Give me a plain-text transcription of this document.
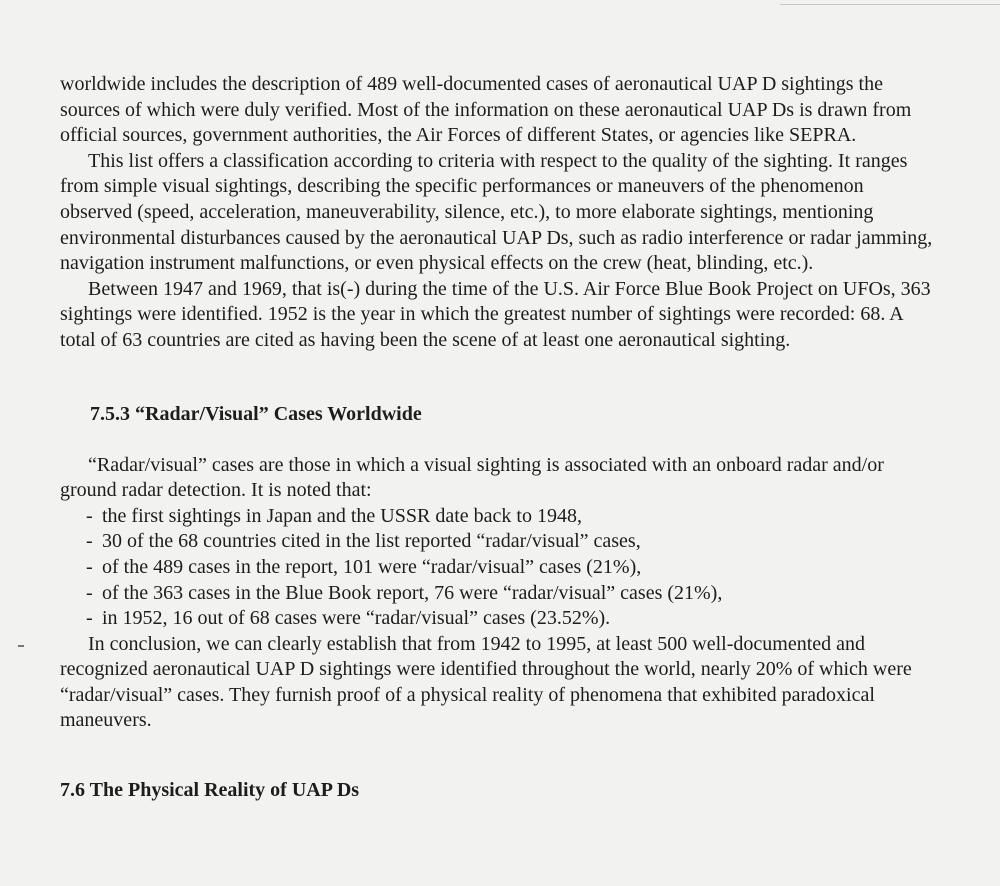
worldwide includes the description of 489 well-documented cases of aeronautical UAP D sightings the sources of which were duly verified. Most of the information on these aeronautical UAP Ds is drawn from official sources, government authorities, the Air Forces of different States, or agencies like SEPRA.

This list offers a classification according to criteria with respect to the quality of the sighting. It ranges from simple visual sightings, describing the specific performances or maneuvers of the phenomenon observed (speed, acceleration, maneuverability, silence, etc.), to more elaborate sightings, mentioning environmental disturbances caused by the aeronautical UAP Ds, such as radio interference or radar jamming, navigation instrument malfunctions, or even physical effects on the crew (heat, blinding, etc.).

Between 1947 and 1969, that is(-) during the time of the U.S. Air Force Blue Book Project on UFOs, 363 sightings were identified. 1952 is the year in which the greatest number of sightings were recorded: 68. A total of 63 countries are cited as having been the scene of at least one aeronautical sighting.

7.5.3 “Radar/Visual” Cases Worldwide

“Radar/visual” cases are those in which a visual sighting is associated with an onboard radar and/or ground radar detection. It is noted that:

- the first sightings in Japan and the USSR date back to 1948,
- 30 of the 68 countries cited in the list reported “radar/visual” cases,
- of the 489 cases in the report, 101 were “radar/visual” cases (21%),
- of the 363 cases in the Blue Book report, 76 were “radar/visual” cases (21%),
- in 1952, 16 out of 68 cases were “radar/visual” cases (23.52%).

In conclusion, we can clearly establish that from 1942 to 1995, at least 500 well-documented and recognized aeronautical UAP D sightings were identified throughout the world, nearly 20% of which were “radar/visual” cases. They furnish proof of a physical reality of phenomena that exhibited paradoxical maneuvers.

7.6 The Physical Reality of UAP Ds
